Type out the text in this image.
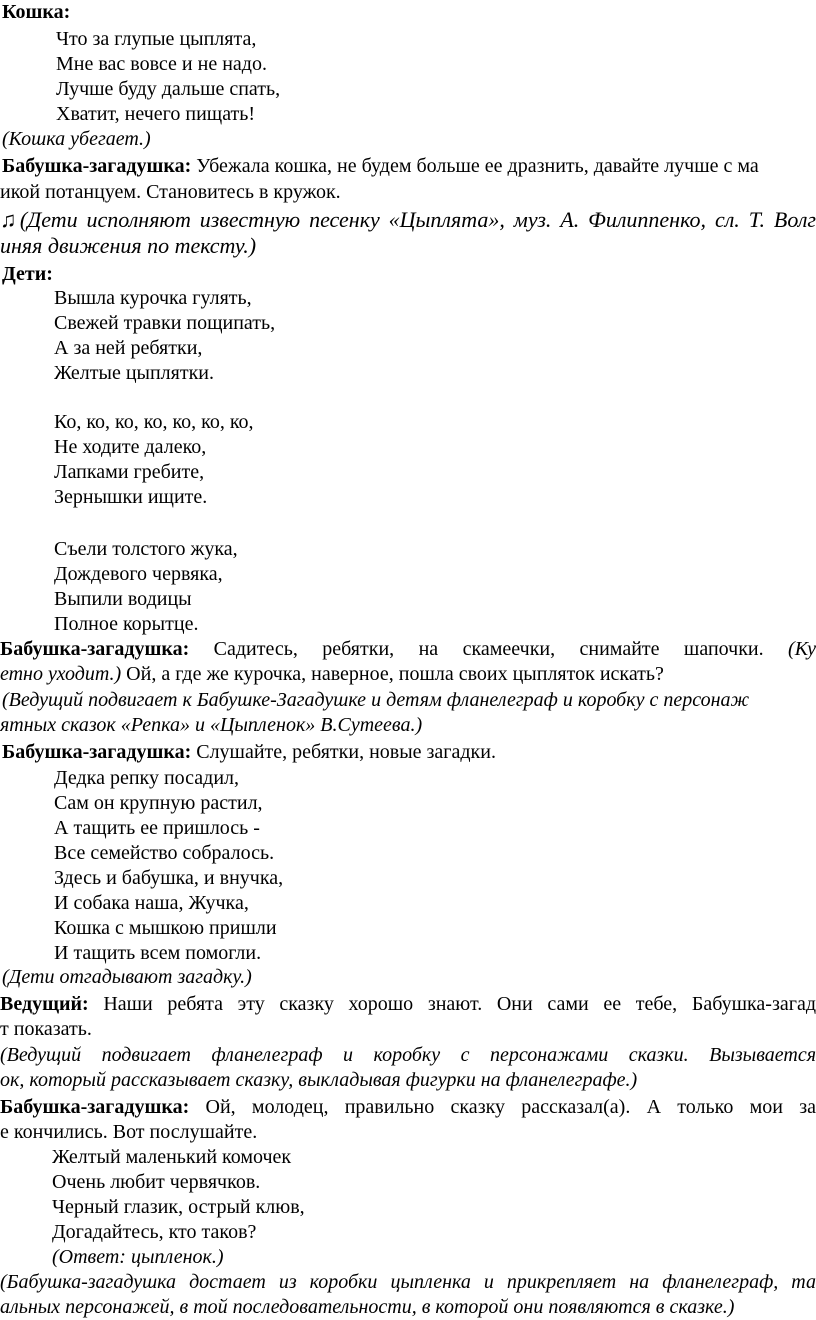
Кошка:
Что за глупые цыплята,
Мне вас вовсе и не надо.
Лучше буду дальше спать,
Хватит, нечего пищать!
(Кошка убегает.)
Бабушка-загадушка: Убежала кошка, не будем больше ее дразнить, давайте лучше с ма
икой потанцуем. Становитесь в кружок.
♫(Дети исполняют известную песенку «Цыплята», муз. А. Филиппенко, сл. Т. Волг
иняя движения по тексту.)
Дети:
Вышла курочка гулять,
Свежей травки пощипать,
А за ней ребятки,
Желтые цыплятки.
Ко, ко, ко, ко, ко, ко, ко,
Не ходите далеко,
Лапками гребите,
Зернышки ищите.
Съели толстого жука,
Дождевого червяка,
Выпили водицы
Полное корытце.
Бабушка-загадушка: Садитесь, ребятки, на скамеечки, снимайте шапочки. (Ку
етно уходит.) Ой, а где же курочка, наверное, пошла своих цыпляток искать?
(Ведущий подвигает к Бабушке-Загадушке и детям фланелеграф и коробку с персонаж
ятных сказок «Репка» и «Цыпленок» В.Сутеева.)
Бабушка-загадушка: Слушайте, ребятки, новые загадки.
Дедка репку посадил,
Сам он крупную растил,
А тащить ее пришлось -
Все семейство собралось.
Здесь и бабушка, и внучка,
И собака наша, Жучка,
Кошка с мышкою пришли
И тащить всем помогли.
(Дети отгадывают загадку.)
Ведущий: Наши ребята эту сказку хорошо знают. Они сами ее тебе, Бабушка-загад
т показать.
(Ведущий подвигает фланелеграф и коробку с персонажами сказки. Вызывается
ок, который рассказывает сказку, выкладывая фигурки на фланелеграфе.)
Бабушка-загадушка: Ой, молодец, правильно сказку рассказал(а). А только мои за
е кончились. Вот послушайте.
Желтый маленький комочек
Очень любит червячков.
Черный глазик, острый клюв,
Догадайтесь, кто таков?
(Ответ: цыпленок.)
(Бабушка-загадушка достает из коробки цыпленка и прикрепляет на фланелеграф, та
альных персонажей, в той последовательности, в которой они появляются в сказке.)
